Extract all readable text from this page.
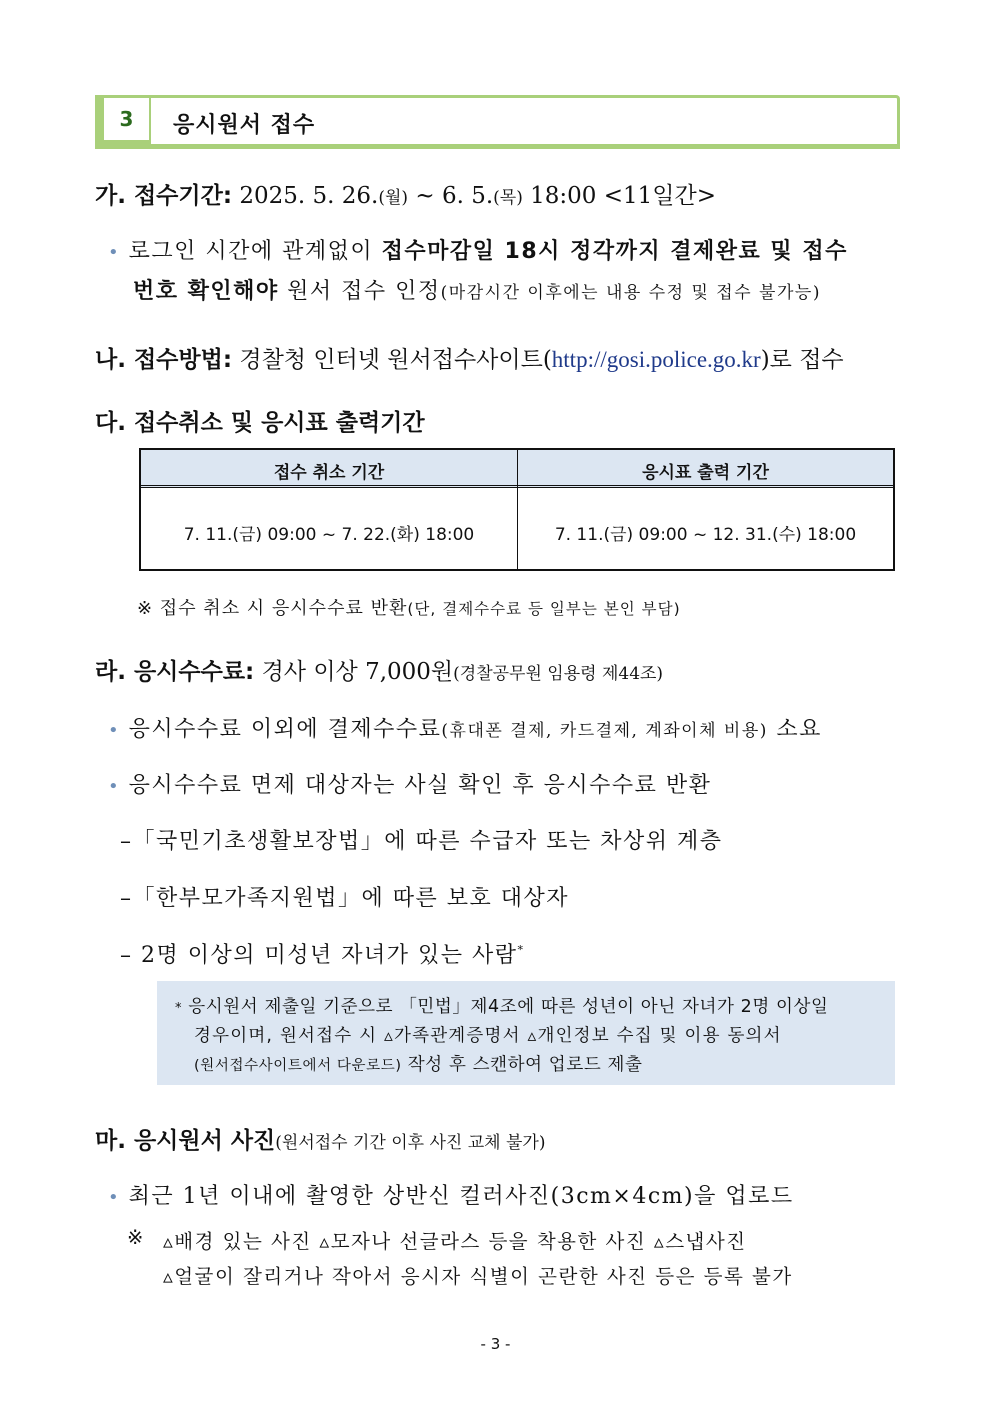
3	응시원서 접수
가. 접수기간: 2025. 5. 26.(월) ~ 6. 5.(목) 18:00 <11일간>
• 로그인 시간에 관계없이 접수마감일 18시 정각까지 결제완료 및 접수
번호 확인해야 원서 접수 인정(마감시간 이후에는 내용 수정 및 접수 불가능)
나. 접수방법: 경찰청 인터넷 원서접수사이트(http://gosi.police.go.kr)로 접수
다. 접수취소 및 응시표 출력기간
접수 취소 기간	응시표 출력 기간
7. 11.(금) 09:00 ~ 7. 22.(화) 18:00	7. 11.(금) 09:00 ~ 12. 31.(수) 18:00
※ 접수 취소 시 응시수수료 반환(단, 결제수수료 등 일부는 본인 부담)
라. 응시수수료: 경사 이상 7,000원(경찰공무원 임용령 제44조)
• 응시수수료 이외에 결제수수료(휴대폰 결제, 카드결제, 계좌이체 비용) 소요
• 응시수수료 면제 대상자는 사실 확인 후 응시수수료 반환
–「국민기초생활보장법」에 따른 수급자 또는 차상위 계층
–「한부모가족지원법」에 따른 보호 대상자
– 2명 이상의 미성년 자녀가 있는 사람*
* 응시원서 제출일 기준으로 「민법」제4조에 따른 성년이 아닌 자녀가 2명 이상일
경우이며, 원서접수 시 ▵가족관계증명서 ▵개인정보 수집 및 이용 동의서
(원서접수사이트에서 다운로드) 작성 후 스캔하여 업로드 제출
마. 응시원서 사진(원서접수 기간 이후 사진 교체 불가)
• 최근 1년 이내에 촬영한 상반신 컬러사진(3cm×4cm)을 업로드
※ ▵배경 있는 사진 ▵모자나 선글라스 등을 착용한 사진 ▵스냅사진
▵얼굴이 잘리거나 작아서 응시자 식별이 곤란한 사진 등은 등록 불가
- 3 -
